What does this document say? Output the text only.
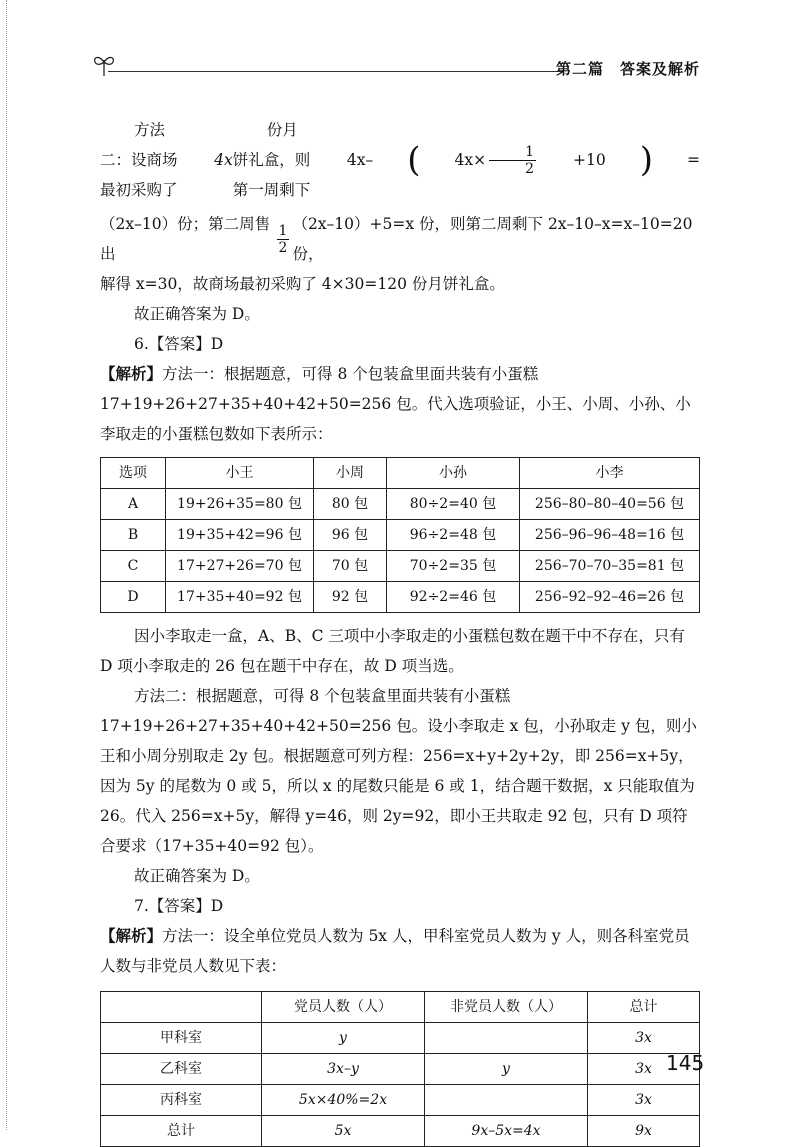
第二篇　答案及解析
方法二：设商场最初采购了
4x
份月饼礼盒，则第一周剩下
4x–	(	$4x\times \frac{1}{2}$	+10	)	=
（2x–10）份；第二周售出	$\frac{1}{2} (2x-10)+5=x$ 份，则第二周剩下 2x–10–x=x–10=20 份，

解得 x=30，故商场最初采购了 4×30=120 份月饼礼盒。

故正确答案为 D。

6.【答案】D

【解析】方法一：根据题意，可得 8 个包装盒里面共装有小蛋糕 17+19+26+27+35+40+42+50=256 包。代入选项验证，小王、小周、小孙、小李取走的小蛋糕包数如下表所示：

选项	小王	小周	小孙	小李
A	19+26+35=80 包	80 包	80÷2=40 包	256–80–80–40=56 包
B	19+35+42=96 包	96 包	96÷2=48 包	256–96–96–48=16 包
C	17+27+26=70 包	70 包	70÷2=35 包	256–70–70–35=81 包
D	17+35+40=92 包	92 包	92÷2=46 包	256–92–92–46=26 包

因小李取走一盒，A、B、C 三项中小李取走的小蛋糕包数在题干中不存在，只有 D 项小李取走的 26 包在题干中存在，故 D 项当选。

方法二：根据题意，可得 8 个包装盒里面共装有小蛋糕 17+19+26+27+35+40+42+50=256 包。设小李取走 x 包，小孙取走 y 包，则小王和小周分别取走 2y 包。根据题意可列方程：256=x+y+2y+2y，即 256=x+5y，因为 5y 的尾数为 0 或 5，所以 x 的尾数只能是 6 或 1，结合题干数据，x 只能取值为 26。代入 256=x+5y，解得 y=46，则 2y=92，即小王共取走 92 包，只有 D 项符合要求（17+35+40=92 包）。

故正确答案为 D。

7.【答案】D

【解析】方法一：设全单位党员人数为 5x 人，甲科室党员人数为 y 人，则各科室党员人数与非党员人数见下表：

	党员人数（人）	非党员人数（人）	总计
甲科室	y		3x
乙科室	3x–y	y	3x
丙科室	5x×40%=2x		3x
总计	5x	9x–5x=4x	9x
145
